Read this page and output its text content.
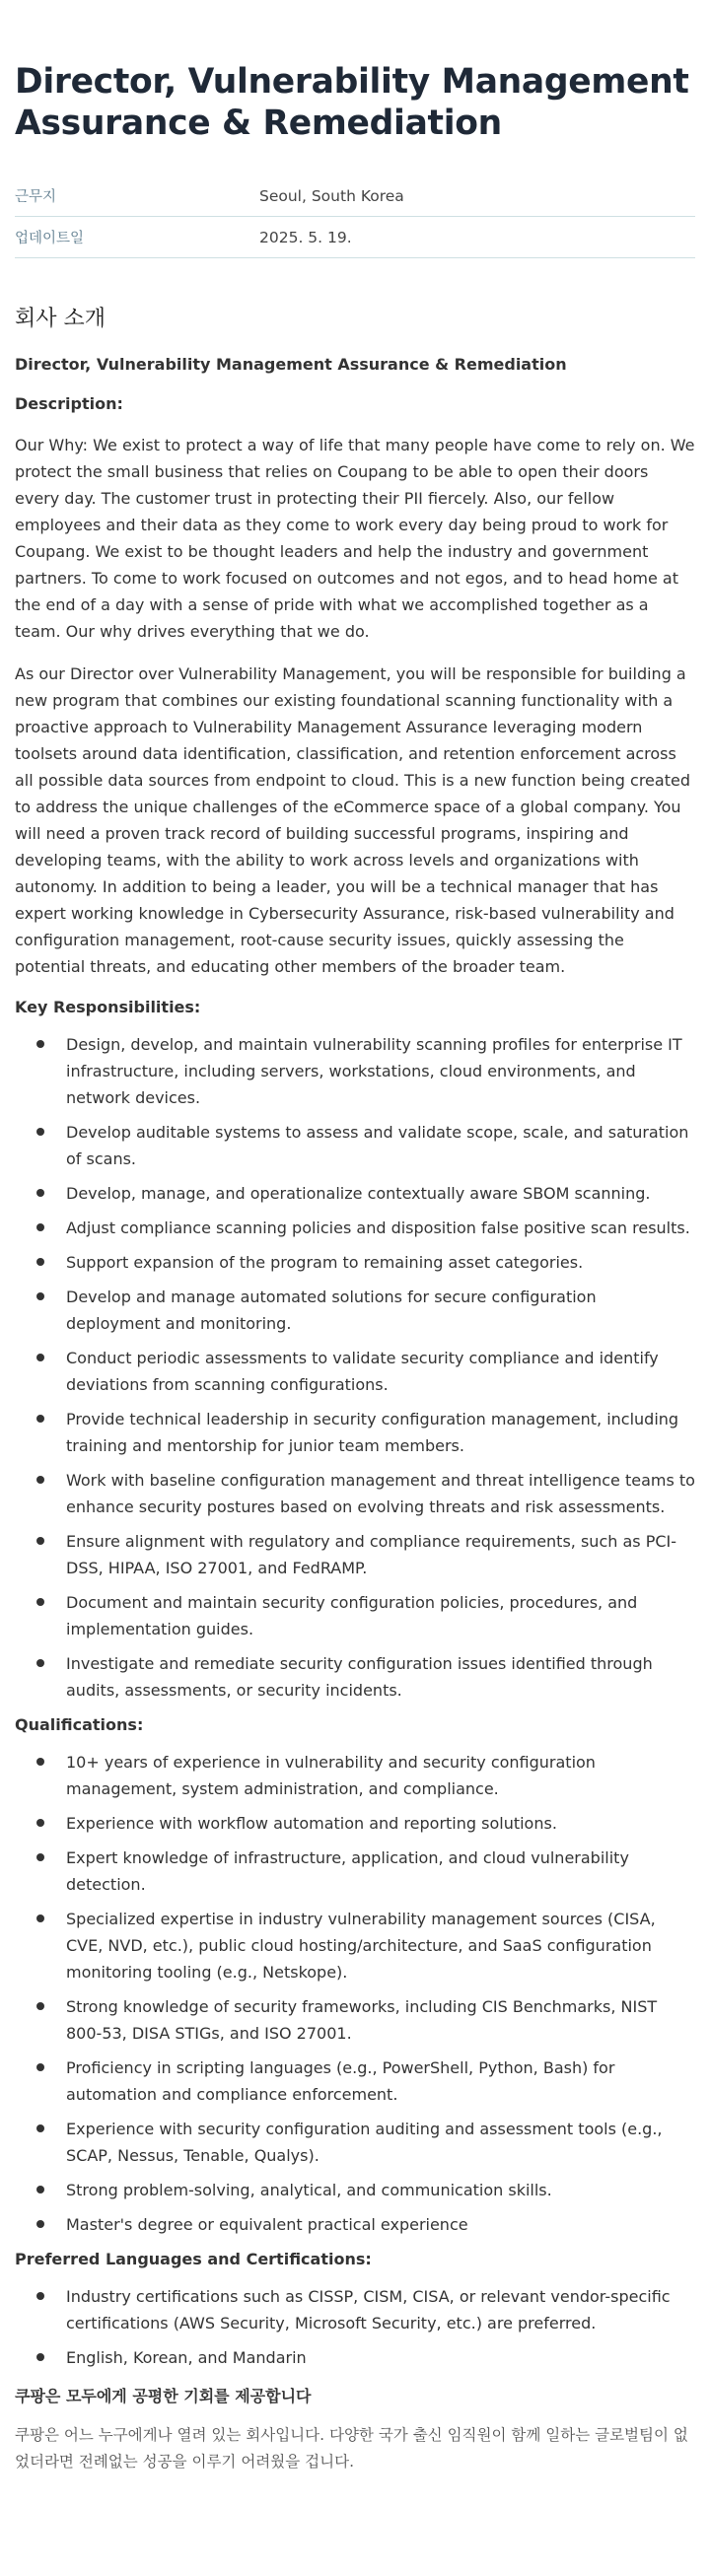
Director, Vulnerability Management Assurance & Remediation
근무지	Seoul, South Korea
업데이트일	2025. 5. 19.
회사 소개
Director, Vulnerability Management Assurance & Remediation
Description:

Our Why: We exist to protect a way of life that many people have come to rely on. We protect the small business that relies on Coupang to be able to open their doors every day. The customer trust in protecting their PII fiercely. Also, our fellow employees and their data as they come to work every day being proud to work for Coupang. We exist to be thought leaders and help the industry and government partners. To come to work focused on outcomes and not egos, and to head home at the end of a day with a sense of pride with what we accomplished together as a team. Our why drives everything that we do.

As our Director over Vulnerability Management, you will be responsible for building a new program that combines our existing foundational scanning functionality with a proactive approach to Vulnerability Management Assurance leveraging modern toolsets around data identification, classification, and retention enforcement across all possible data sources from endpoint to cloud. This is a new function being created to address the unique challenges of the eCommerce space of a global company. You will need a proven track record of building successful programs, inspiring and developing teams, with the ability to work across levels and organizations with autonomy. In addition to being a leader, you will be a technical manager that has expert working knowledge in Cybersecurity Assurance, risk-based vulnerability and configuration management, root-cause security issues, quickly assessing the potential threats, and educating other members of the broader team.

Key Responsibilities:
Design, develop, and maintain vulnerability scanning profiles for enterprise IT infrastructure, including servers, workstations, cloud environments, and network devices.
Develop auditable systems to assess and validate scope, scale, and saturation of scans.
Develop, manage, and operationalize contextually aware SBOM scanning.
Adjust compliance scanning policies and disposition false positive scan results.
Support expansion of the program to remaining asset categories.
Develop and manage automated solutions for secure configuration deployment and monitoring.
Conduct periodic assessments to validate security compliance and identify deviations from scanning configurations.
Provide technical leadership in security configuration management, including training and mentorship for junior team members.
Work with baseline configuration management and threat intelligence teams to enhance security postures based on evolving threats and risk assessments.
Ensure alignment with regulatory and compliance requirements, such as PCI-DSS, HIPAA, ISO 27001, and FedRAMP.
Document and maintain security configuration policies, procedures, and implementation guides.
Investigate and remediate security configuration issues identified through audits, assessments, or security incidents.
Qualifications:
10+ years of experience in vulnerability and security configuration management, system administration, and compliance.
Experience with workflow automation and reporting solutions.
Expert knowledge of infrastructure, application, and cloud vulnerability detection.
Specialized expertise in industry vulnerability management sources (CISA, CVE, NVD, etc.), public cloud hosting/architecture, and SaaS configuration monitoring tooling (e.g., Netskope).
Strong knowledge of security frameworks, including CIS Benchmarks, NIST 800-53, DISA STIGs, and ISO 27001.
Proficiency in scripting languages (e.g., PowerShell, Python, Bash) for automation and compliance enforcement.
Experience with security configuration auditing and assessment tools (e.g., SCAP, Nessus, Tenable, Qualys).
Strong problem-solving, analytical, and communication skills.
Master's degree or equivalent practical experience
Preferred Languages and Certifications:
Industry certifications such as CISSP, CISM, CISA, or relevant vendor-specific certifications (AWS Security, Microsoft Security, etc.) are preferred.
English, Korean, and Mandarin
쿠팡은 모두에게 공평한 기회를 제공합니다
쿠팡은 어느 누구에게나 열려 있는 회사입니다. 다양한 국가 출신 임직원이 함께 일하는 글로벌팀이 없었더라면 전례없는 성공을 이루기 어려웠을 겁니다.
